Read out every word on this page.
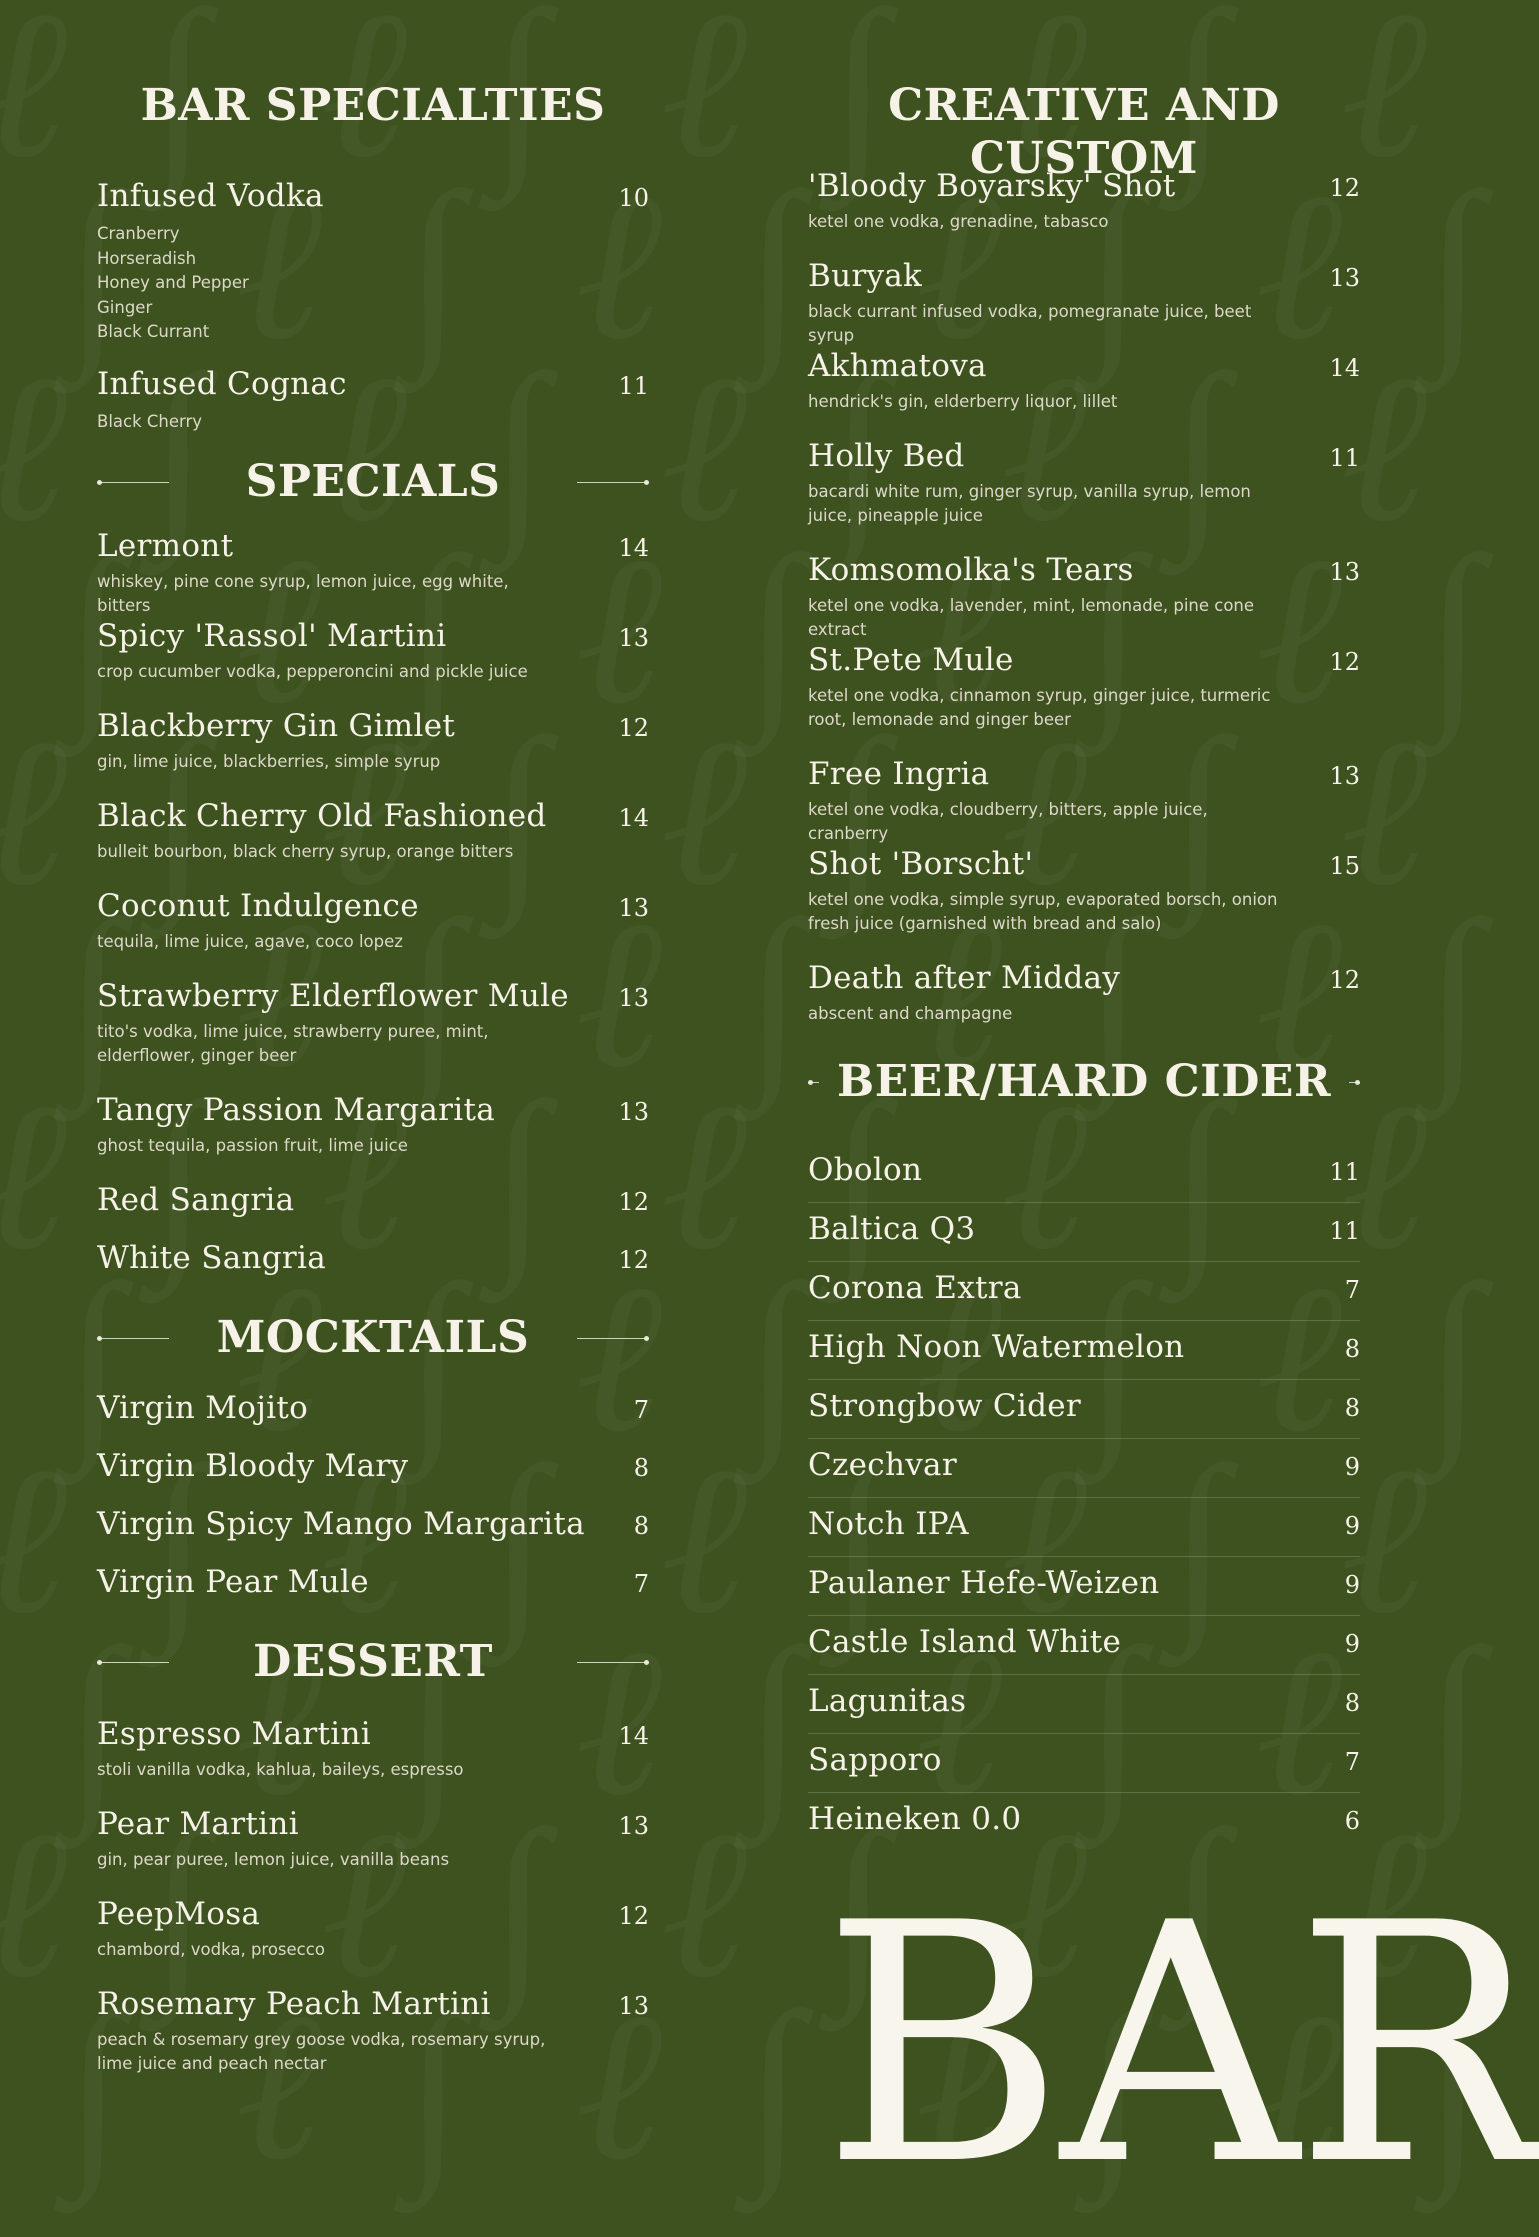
BAR SPECIALTIES
Infused Vodka	10
Cranberry
Horseradish
Honey and Pepper
Ginger
Black Currant
Infused Cognac	11
Black Cherry
SPECIALS
Lermont	14
whiskey, pine cone syrup, lemon juice, egg white, bitters
Spicy 'Rassol' Martini	13
crop cucumber vodka, pepperoncini and pickle juice
Blackberry Gin Gimlet	12
gin, lime juice, blackberries, simple syrup
Black Cherry Old Fashioned	14
bulleit bourbon, black cherry syrup, orange bitters
Coconut Indulgence	13
tequila, lime juice, agave, coco lopez
Strawberry Elderflower Mule 13
tito's vodka, lime juice, strawberry puree, mint, elderflower, ginger beer
Tangy Passion Margarita	13
ghost tequila, passion fruit, lime juice
Red Sangria	12
White Sangria	12
MOCKTAILS
Virgin Mojito	7
Virgin Bloody Mary	8
Virgin Spicy Mango Margarita 8
Virgin Pear Mule	7
DESSERT
Espresso Martini	14
stoli vanilla vodka, kahlua, baileys, espresso
Pear Martini	13
gin, pear puree, lemon juice, vanilla beans
PeepMosa	12
chambord, vodka, prosecco
Rosemary Peach Martini	13
peach & rosemary grey goose vodka, rosemary syrup, lime juice and peach nectar
CREATIVE AND CUSTOM
'Bloody Boyarsky' Shot	12
ketel one vodka, grenadine, tabasco
Buryak	13
black currant infused vodka, pomegranate juice, beet syrup
Akhmatova	14
hendrick's gin, elderberry liquor, lillet
Holly Bed	11
bacardi white rum, ginger syrup, vanilla syrup, lemon juice, pineapple juice
Komsomolka's Tears	13
ketel one vodka, lavender, mint, lemonade, pine cone extract
St.Pete Mule	12
ketel one vodka, cinnamon syrup, ginger juice, turmeric root, lemonade and ginger beer
Free Ingria	13
ketel one vodka, cloudberry, bitters, apple juice, cranberry
Shot 'Borscht'	15
ketel one vodka, simple syrup, evaporated borsch, onion fresh juice (garnished with bread and salo)
Death after Midday	12
abscent and champagne
BEER/HARD CIDER
Obolon	11
Baltica Q3	11
Corona Extra	7
High Noon Watermelon	8
Strongbow Cider	8
Czechvar	9
Notch IPA	9
Paulaner Hefe-Weizen	9
Castle Island White	9
Lagunitas	8
Sapporo	7
Heineken 0.0	6
BAR
